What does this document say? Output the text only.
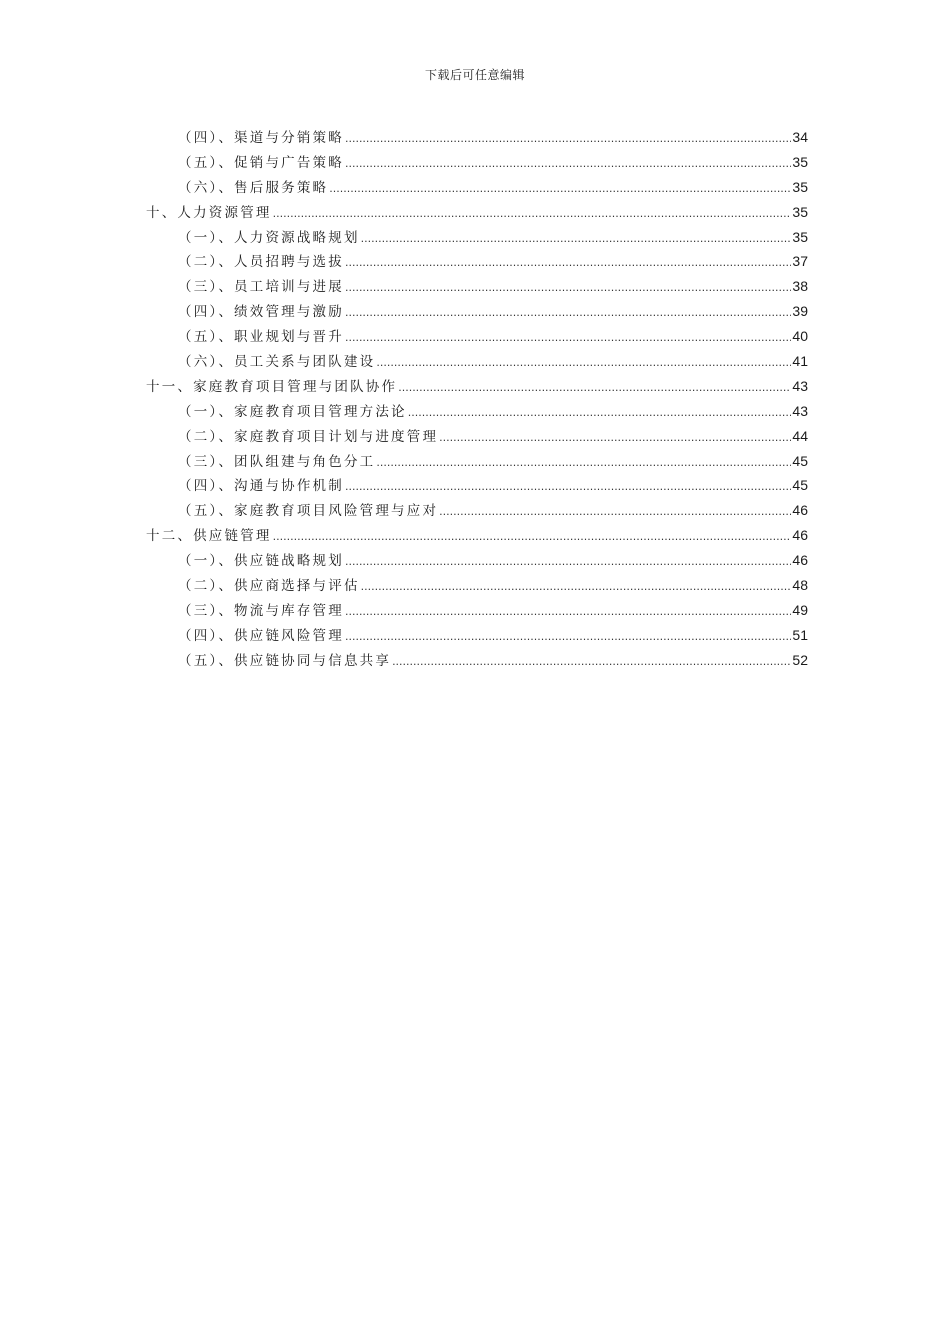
下载后可任意编辑
（四）、渠道与分销策略 .....	34
（五）、促销与广告策略 .....	35
（六）、售后服务策略 .....	35
十、人力资源管理 .....	35
（一）、人力资源战略规划 .....	35
（二）、人员招聘与选拔 .....	37
（三）、员工培训与进展 .....	38
（四）、绩效管理与激励 .....	39
（五）、职业规划与晋升 .....	40
（六）、员工关系与团队建设 .....	41
十一、家庭教育项目管理与团队协作 .....	43
（一）、家庭教育项目管理方法论 .....	43
（二）、家庭教育项目计划与进度管理 .....	44
（三）、团队组建与角色分工 .....	45
（四）、沟通与协作机制 .....	45
（五）、家庭教育项目风险管理与应对 .....	46
十二、供应链管理 .....	46
（一）、供应链战略规划 .....	46
（二）、供应商选择与评估 .....	48
（三）、物流与库存管理 .....	49
（四）、供应链风险管理 .....	51
（五）、供应链协同与信息共享 .....	52
